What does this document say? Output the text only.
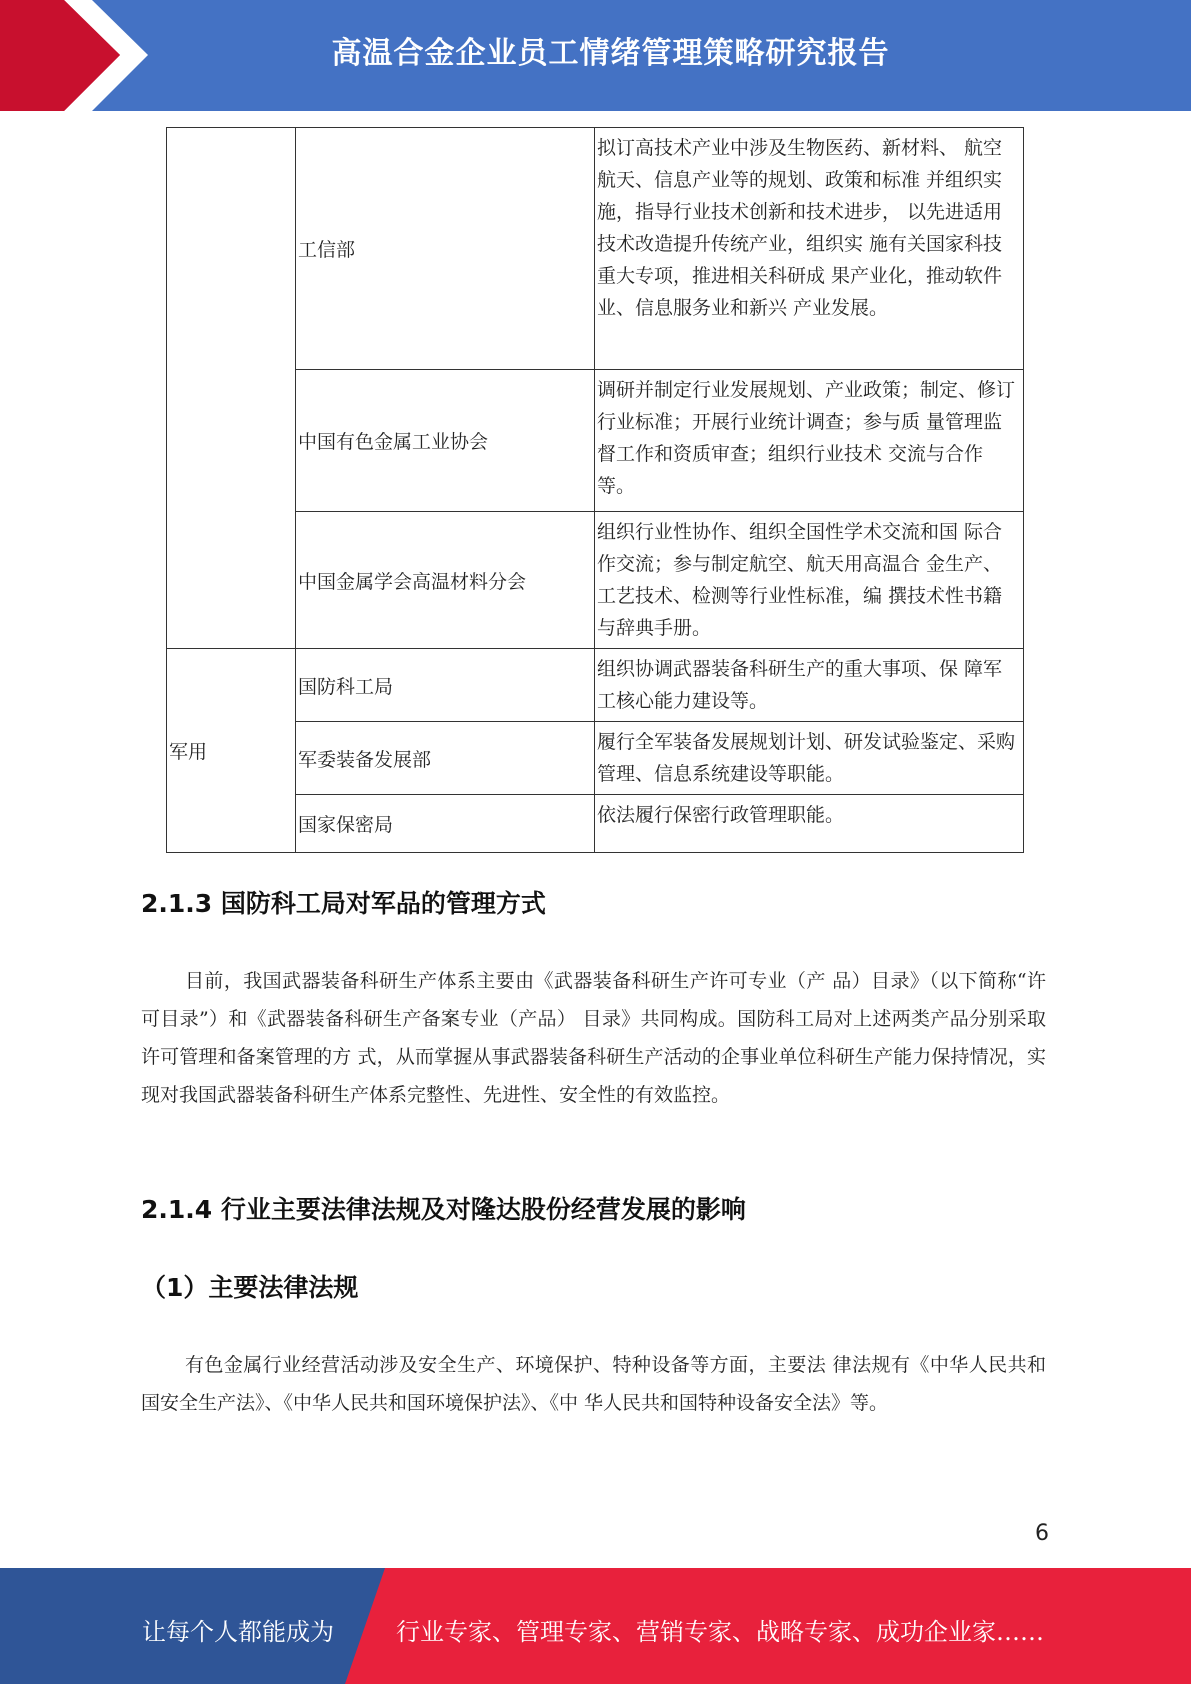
高温合金企业员工情绪管理策略研究报告
	工信部	拟订高技术产业中涉及生物医药、新材料、 航空航天、信息产业等的规划、政策和标准 并组织实施，指导行业技术创新和技术进步， 以先进适用技术改造提升传统产业，组织实 施有关国家科技重大专项，推进相关科研成 果产业化，推动软件业、信息服务业和新兴 产业发展。
	中国有色金属工业协会	调研并制定行业发展规划、产业政策；制定、修订行业标准；开展行业统计调查；参与质 量管理监督工作和资质审查；组织行业技术 交流与合作等。
	中国金属学会高温材料分会	组织行业性协作、组织全国性学术交流和国 际合作交流；参与制定航空、航天用高温合 金生产、工艺技术、检测等行业性标准，编 撰技术性书籍与辞典手册。
军用	国防科工局	组织协调武器装备科研生产的重大事项、保 障军工核心能力建设等。
	军委装备发展部	履行全军装备发展规划计划、研发试验鉴定、采购管理、信息系统建设等职能。
	国家保密局	依法履行保密行政管理职能。
2.1.3 国防科工局对军品的管理方式
目前，我国武器装备科研生产体系主要由《武器装备科研生产许可专业（产 品）目录》（以下简称“许可目录”）和《武器装备科研生产备案专业（产品） 目录》共同构成。国防科工局对上述两类产品分别采取许可管理和备案管理的方 式，从而掌握从事武器装备科研生产活动的企事业单位科研生产能力保持情况，实现对我国武器装备科研生产体系完整性、先进性、安全性的有效监控。
2.1.4 行业主要法律法规及对隆达股份经营发展的影响
（1）主要法律法规
有色金属行业经营活动涉及安全生产、环境保护、特种设备等方面，主要法 律法规有《中华人民共和国安全生产法》、《中华人民共和国环境保护法》、《中 华人民共和国特种设备安全法》等。
6
让每个人都能成为	行业专家、管理专家、营销专家、战略专家、成功企业家……
